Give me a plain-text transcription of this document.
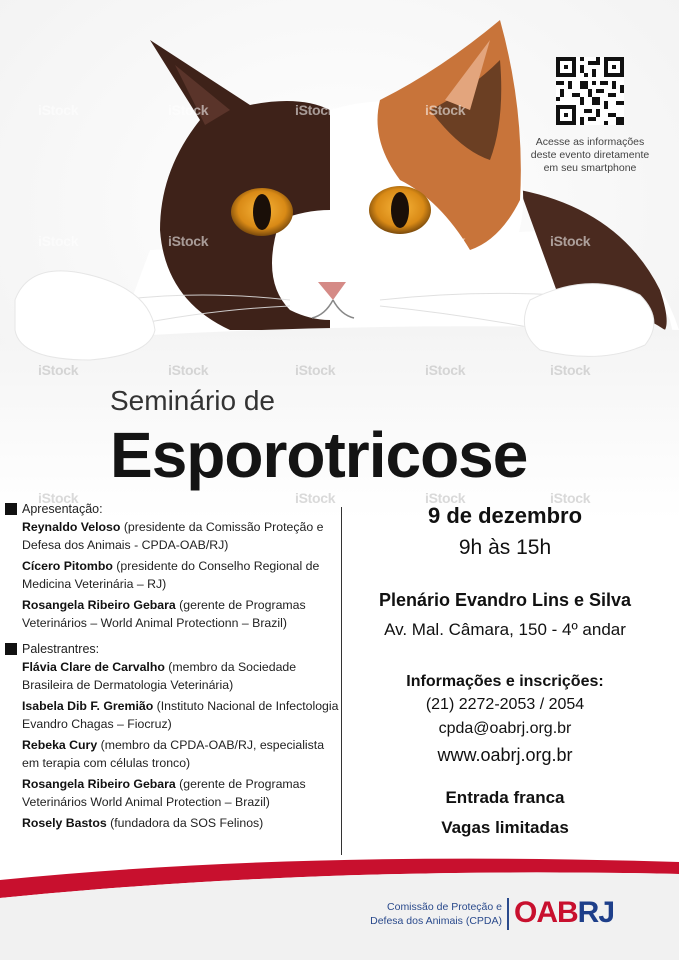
iStock	iStock	iStock	iStock
iStock	iStock	iStock	iStock	iStock
iStock	iStock	iStock	iStock	iStock
iStock	iStock	iStock	iStock
Acesse as informações
deste evento diretamente
em seu smartphone
Seminário de
Esporotricose
Apresentação:
Reynaldo Veloso (presidente da Comissão Proteção e Defesa dos Animais - CPDA-OAB/RJ)
Cícero Pitombo (presidente do Conselho Regional de Medicina Veterinária – RJ)
Rosangela Ribeiro Gebara (gerente de Programas Veterinários – World Animal Protectionn – Brazil)
Palestrantres:
Flávia Clare de Carvalho (membro da Sociedade Brasileira de Dermatologia Veterinária)
Isabela Dib F. Gremião (Instituto Nacional de Infectologia Evandro Chagas – Fiocruz)
Rebeka Cury (membro da CPDA-OAB/RJ, especialista em terapia com células tronco)
Rosangela Ribeiro Gebara (gerente de Programas Veterinários World Animal Protection – Brazil)
Rosely Bastos (fundadora da SOS Felinos)
9 de dezembro
9h às 15h
Plenário Evandro Lins e Silva
Av. Mal. Câmara, 150 - 4º andar
Informações e inscrições:
(21) 2272-2053 / 2054
cpda@oabrj.org.br
www.oabrj.org.br
Entrada franca
Vagas limitadas
Comissão de Proteção e
Defesa dos Animais (CPDA) OABRJ
